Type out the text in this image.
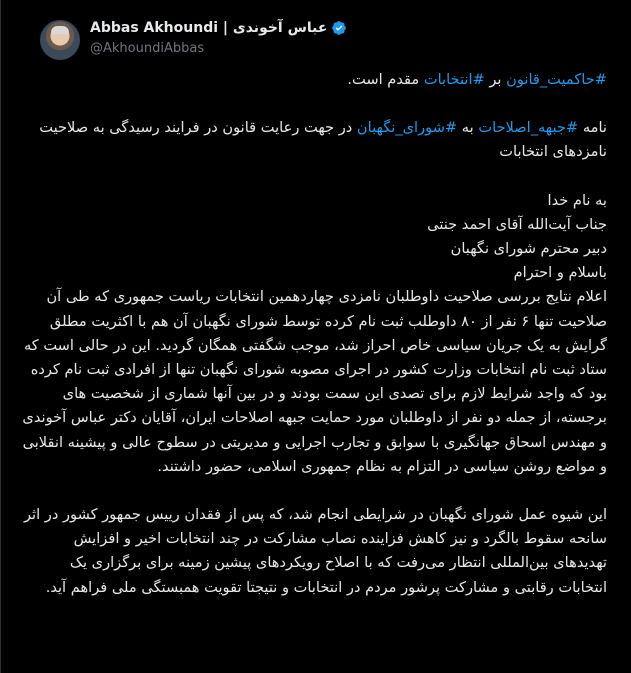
Abbas Akhoundi | عباس آخوندی
@AkhoundiAbbas

#حاکمیت_قانون بر #انتخابات مقدم است.

نامه #جبهه_اصلاحات به #شورای_نگهبان در جهت رعایت قانون در فرایند رسیدگی به صلاحیت نامزدهای انتخابات

به نام خدا

جناب آیت‌الله آقای احمد جنتی

دبیر محترم شورای نگهبان

باسلام و احترام

اعلام نتایج بررسی صلاحیت داوطلبان نامزدی چهاردهمین انتخابات ریاست جمهوری که طی آن صلاحیت تنها ۶ نفر از ۸۰ داوطلب ثبت نام کرده توسط شورای نگهبان آن هم با اکثریت مطلق گرایش به یک جریان سیاسی خاص احراز شد، موجب شگفتی همگان گردید. این در حالی است که ستاد ثبت نام انتخابات وزارت کشور در اجرای مصوبه شورای نگهبان تنها از افرادی ثبت نام کرده بود که واجد شرایط لازم برای تصدی این سمت بودند و در بین آنها شماری از شخصیت های برجسته، از جمله دو نفر از داوطلبان مورد حمایت جبهه اصلاحات ایران، آقایان دکتر عباس آخوندی و مهندس اسحاق جهانگیری با سوابق و تجارب اجرایی و مدیریتی در سطوح عالی و پیشینه انقلابی و مواضع روشن سیاسی در التزام به نظام جمهوری اسلامی، حضور داشتند.

این شیوه عمل شورای نگهبان در شرایطی انجام شد، که پس از فقدان رییس جمهور کشور در اثر سانحه سقوط بالگرد و نیز کاهش فزاینده نصاب مشارکت در چند انتخابات اخیر و افزایش تهدیدهای بین‌المللی انتظار می‌رفت که با اصلاح رویکردهای پیشین زمینه برای برگزاری یک انتخابات رقابتی و مشارکت پرشور مردم در انتخابات و نتیجتا تقویت همبستگی ملی فراهم آید.
